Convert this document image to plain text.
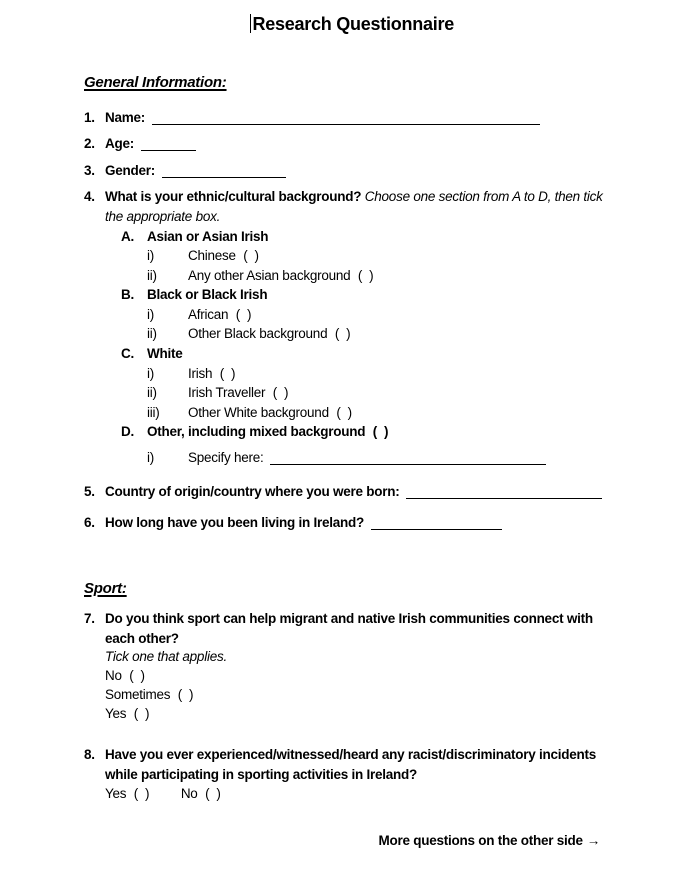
Research Questionnaire
General Information:
1. Name:
2. Age:
3. Gender:
4. What is your ethnic/cultural background? Choose one section from A to D, then tick the appropriate box.
A. Asian or Asian Irish
i)	Chinese (  )
ii) Any other Asian background (  )
B. Black or Black Irish
i)	African (  )
ii) Other Black background (  )
C. White
i)	Irish (  )
ii) Irish Traveller (  )
iii) Other White background (  )
D. Other, including mixed background (  )
i)	Specify here:
5. Country of origin/country where you were born:
6. How long have you been living in Ireland?
Sport:
7. Do you think sport can help migrant and native Irish communities connect with each other?
Tick one that applies.
No (  )
Sometimes (  )
Yes (  )
8. Have you ever experienced/witnessed/heard any racist/discriminatory incidents while participating in sporting activities in Ireland?
Yes (  ) No (  )
More questions on the other side →
